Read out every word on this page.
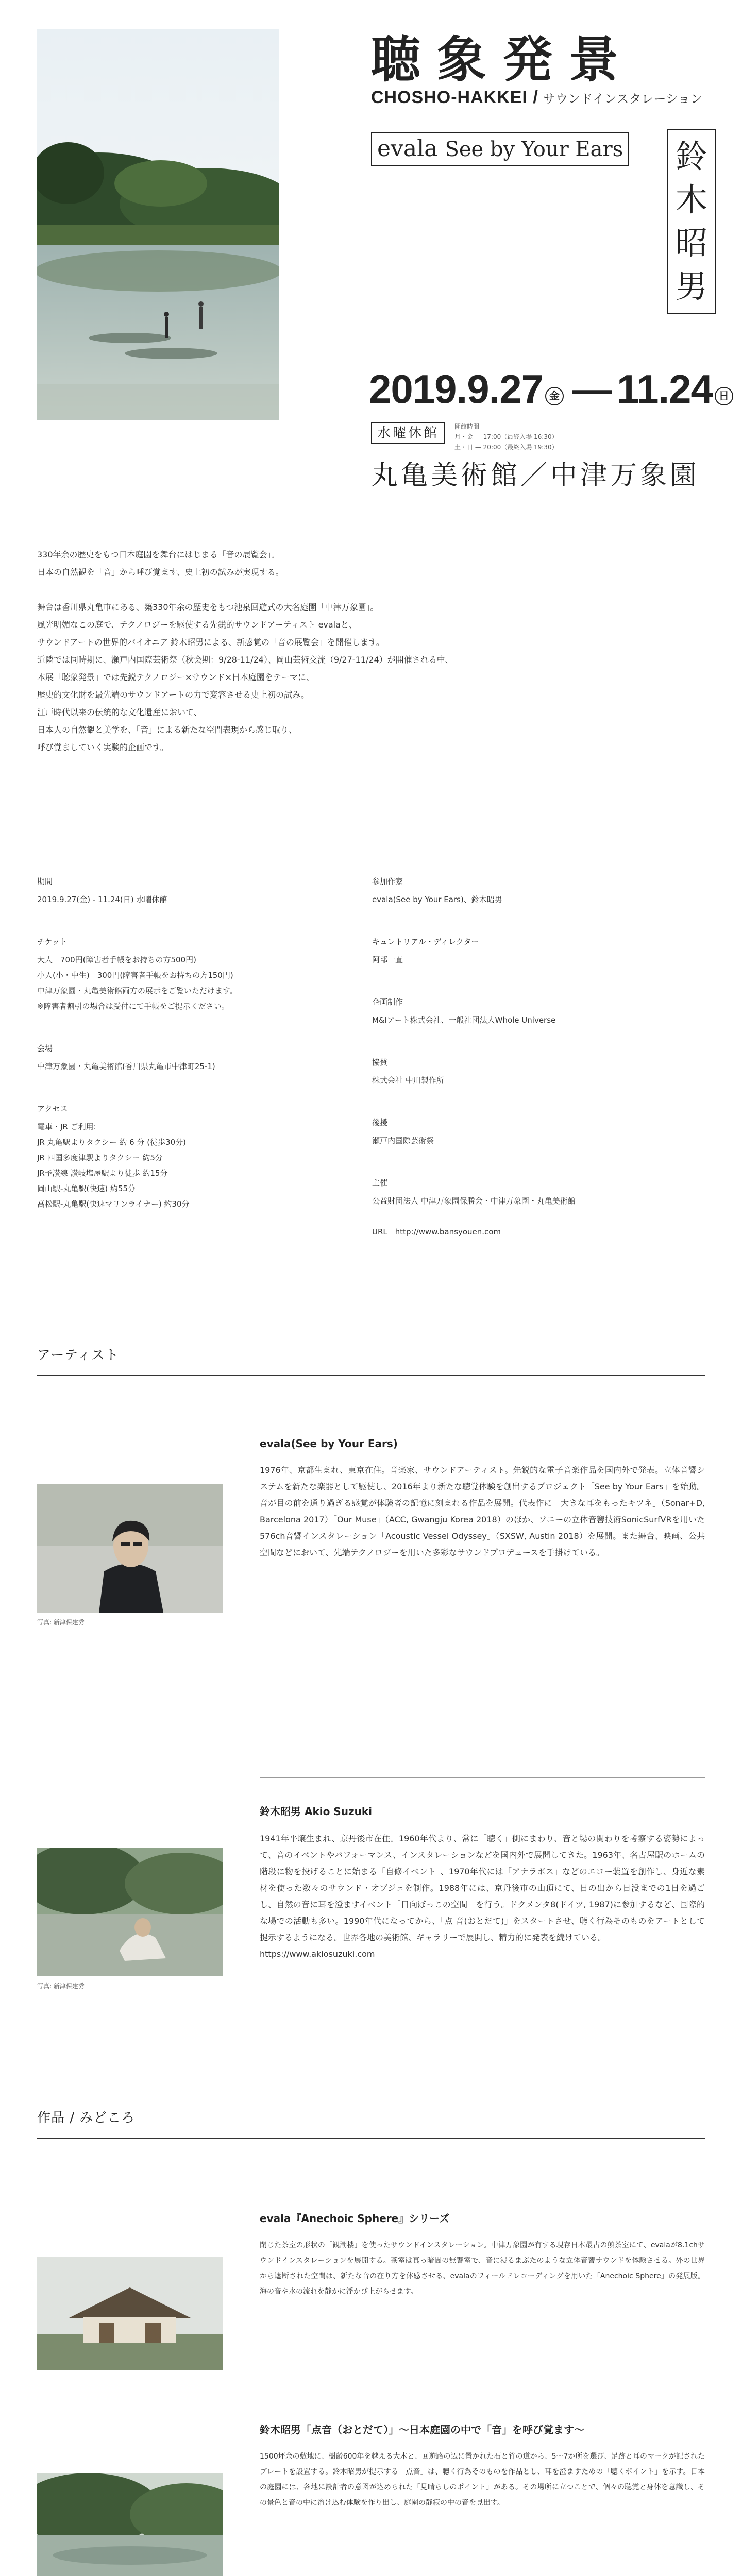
聴象発景
CHOSHO-HAKKEI / サウンドインスタレーション
evala See by Your Ears 鈴
木
昭
男
2019.9.27 金 — 11.24 日
水曜休館	開館時間
月・金 — 17:00（最終入場 16:30）
土・日 — 20:00（最終入場 19:30）
丸亀美術館／中津万象園

330年余の歴史をもつ日本庭園を舞台にはじまる「音の展覧会」。
日本の自然観を「音」から呼び覚ます、史上初の試みが実現する。

舞台は香川県丸亀市にある、築330年余の歴史をもつ池泉回遊式の大名庭園「中津万象園」。
風光明媚なこの庭で、テクノロジーを駆使する先鋭的サウンドアーティスト evalaと、
サウンドアートの世界的パイオニア 鈴木昭男による、新感覚の「音の展覧会」を開催します。
近隣では同時期に、瀬戸内国際芸術祭（秋会期：9/28-11/24）、岡山芸術交流（9/27-11/24）が開催される中、
本展「聴象発景」では先鋭テクノロジー×サウンド×日本庭園をテーマに、
歴史的文化財を最先端のサウンドアートの力で変容させる史上初の試み。
江戸時代以来の伝統的な文化遺産において、
日本人の自然観と美学を、「音」による新たな空間表現から感じ取り、
呼び覚ましていく実験的企画です。

期間
2019.9.27(金) - 11.24(日) 水曜休館
チケット
大人　700円(障害者手帳をお持ちの方500円)
小人(小・中生)　300円(障害者手帳をお持ちの方150円)
中津万象園・丸亀美術館両方の展示をご覧いただけます。
※障害者割引の場合は受付にて手帳をご提示ください。
会場
中津万象園・丸亀美術館(香川県丸亀市中津町25-1)
アクセス
電車・JR ご利用:
JR 丸亀駅よりタクシー 約 6 分 (徒歩30分)
JR 四国多度津駅よりタクシー 約5分
JR予讃線 讃岐塩屋駅より徒歩 約15分
岡山駅-丸亀駅(快速) 約55分
高松駅-丸亀駅(快速マリンライナー) 約30分
参加作家
evala(See by Your Ears)、鈴木昭男
キュレトリアル・ディレクター
阿部一直
企画制作
M&Iアート株式会社、一般社団法人Whole Universe
協賛
株式会社 中川製作所
後援
瀬戸内国際芸術祭
主催
公益財団法人 中津万象園保勝会・中津万象園・丸亀美術館

URL　http://www.bansyouen.com
アーティスト
写真: 新津保建秀
evala(See by Your Ears)
1976年、京都生まれ、東京在住。音楽家、サウンドアーティスト。先鋭的な電子音楽作品を国内外で発表。立体音響システムを新たな楽器として駆使し、2016年より新たな聴覚体験を創出するプロジェクト「See by Your Ears」を始動。音が目の前を通り過ぎる感覚が体験者の記憶に刻まれる作品を展開。代表作に「大きな耳をもったキツネ」（Sonar+D, Barcelona 2017）「Our Muse」（ACC, Gwangju Korea 2018）のほか、ソニーの立体音響技術SonicSurfVRを用いた576ch音響インスタレーション「Acoustic Vessel Odyssey」（SXSW, Austin 2018）を展開。また舞台、映画、公共空間などにおいて、先端テクノロジーを用いた多彩なサウンドプロデュースを手掛けている。
写真: 新津保建秀
鈴木昭男 Akio Suzuki
1941年平壌生まれ、京丹後市在住。1960年代より、常に「聴く」側にまわり、音と場の関わりを考察する姿勢によって、音のイベントやパフォーマンス、インスタレーションなどを国内外で展開してきた。1963年、名古屋駅のホームの階段に物を投げることに始まる「自修イベント」、1970年代には「アナラポス」などのエコー装置を創作し、身近な素材を使った数々のサウンド・オブジェを制作。1988年には、京丹後市の山頂にて、日の出から日没までの1日を過ごし、自然の音に耳を澄ますイベント「日向ぼっこの空間」を行う。ドクメンタ8(ドイツ, 1987)に参加するなど、国際的な場での活動も多い。1990年代になってから、「点 音(おとだて)」をスタートさせ、聴く行為そのものをアートとして提示するようになる。世界各地の美術館、ギャラリーで展開し、精力的に発表を続けている。
https://www.akiosuzuki.com
作品 / みどころ
evala『Anechoic Sphere』シリーズ
閉じた茶室の形状の「観潮楼」を使ったサウンドインスタレーション。中津万象園が有する現存日本最古の煎茶室にて、evalaが8.1chサウンドインスタレーションを展開する。茶室は真っ暗闇の無響室で、音に浸るまぶたのような立体音響サウンドを体験させる。外の世界から遮断された空間は、新たな音の在り方を体感させる、evalaのフィールドレコーディングを用いた「Anechoic Sphere」の発展版。海の音や水の流れを静かに浮かび上がらせます。
鈴木昭男「点音（おとだて）」〜日本庭園の中で「音」を呼び覚ます〜
1500坪余の敷地に、樹齢600年を越える大木と、回遊路の辺に置かれた石と竹の道から、5〜7か所を選び、足跡と耳のマークが記されたプレートを設置する。鈴木昭男が提示する「点音」は、聴く行為そのものを作品とし、耳を澄ますための「聴くポイント」を示す。日本の庭園には、各地に設計者の意図が込められた「見晴らしのポイント」がある。その場所に立つことで、個々の聴覚と身体を意識し、その景色と音の中に溶け込む体験を作り出し、庭園の静寂の中の音を見出す。
